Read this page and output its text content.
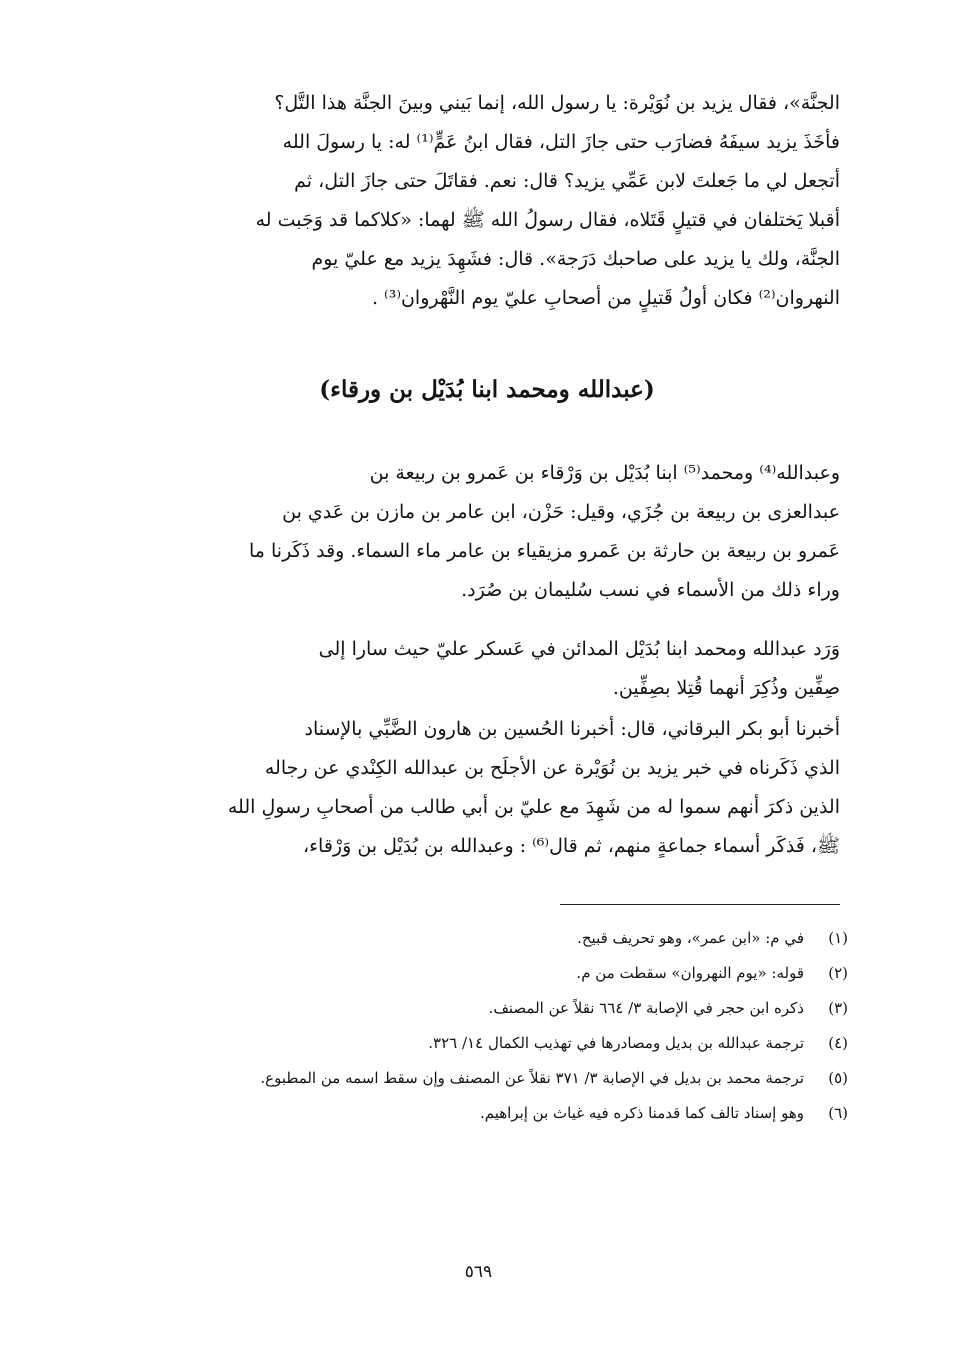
الجنَّة»، فقال يزيد بن نُوَيْرة: يا رسول الله، إنما بَيني وبينَ الجنَّة هذا التَّل؟
فأخَذَ يزيد سيفَهُ فضارَب حتى جازَ التل، فقال ابنُ عَمٍّ⁽¹⁾ له: يا رسولَ الله
أتجعل لي ما جَعلتَ لابن عَمِّي يزيد؟ قال: نعم. فقاتَلَ حتى جازَ التل، ثم
أقبلا يَختلفان في قتيلٍ قَتَلاه، فقال رسولُ الله ﷺ لهما: «كلاكما قد وَجَبت له
الجنَّة، ولك يا يزيد على صاحبك دَرَجة». قال: فشَهِدَ يزيد مع عليّ يوم
النهروان⁽²⁾ فكان أولُ قَتيلٍ من أصحابِ عليّ يوم النَّهْروان⁽³⁾ .
(عبدالله ومحمد ابنا بُدَيْل بن ورقاء)
وعبدالله⁽⁴⁾ ومحمد⁽⁵⁾ ابنا بُدَيْل بن وَرْقاء بن عَمرو بن ربيعة بن
عبدالعزى بن ربيعة بن جُزَي، وقيل: حَزْن، ابن عامر بن مازن بن عَدي بن
عَمرو بن ربيعة بن حارثة بن عَمرو مزيقياء بن عامر ماء السماء. وقد ذَكَرنا ما
وراء ذلك من الأسماء في نسب سُليمان بن صُرَد.
وَرَد عبدالله ومحمد ابنا بُدَيْل المدائن في عَسكر عليّ حيث سارا إلى
صِفِّين وذُكِرَ أنهما قُتِلا بصِفِّين.
أخبرنا أبو بكر البرقاني، قال: أخبرنا الحُسين بن هارون الضَّبِّي بالإسناد
الذي ذَكَرناه في خبر يزيد بن نُوَيْرة عن الأجلَح بن عبدالله الكِنْدي عن رجاله
الذين ذكرَ أنهم سموا له من شَهِدَ مع عليّ بن أبي طالب من أصحابِ رسولِ الله
ﷺ، فَذكَر أسماء جماعةٍ منهم، ثم قال⁽⁶⁾ : وعبدالله بن بُدَيْل بن وَرْقاء،
(١)
في م: «ابن عمر»، وهو تحريف قبيح.
(٢)
قوله: «يوم النهروان» سقطت من م.
(٣)
ذكره ابن حجر في الإصابة ٣/ ٦٦٤ نقلاً عن المصنف.
(٤)
ترجمة عبدالله بن بديل ومصادرها في تهذيب الكمال ١٤/ ٣٢٦.
(٥)
ترجمة محمد بن بديل في الإصابة ٣/ ٣٧١ نقلاً عن المصنف وإن سقط اسمه من المطبوع.
(٦)
وهو إسناد تالف كما قدمنا ذكره فيه غياث بن إبراهيم.
٥٦٩
